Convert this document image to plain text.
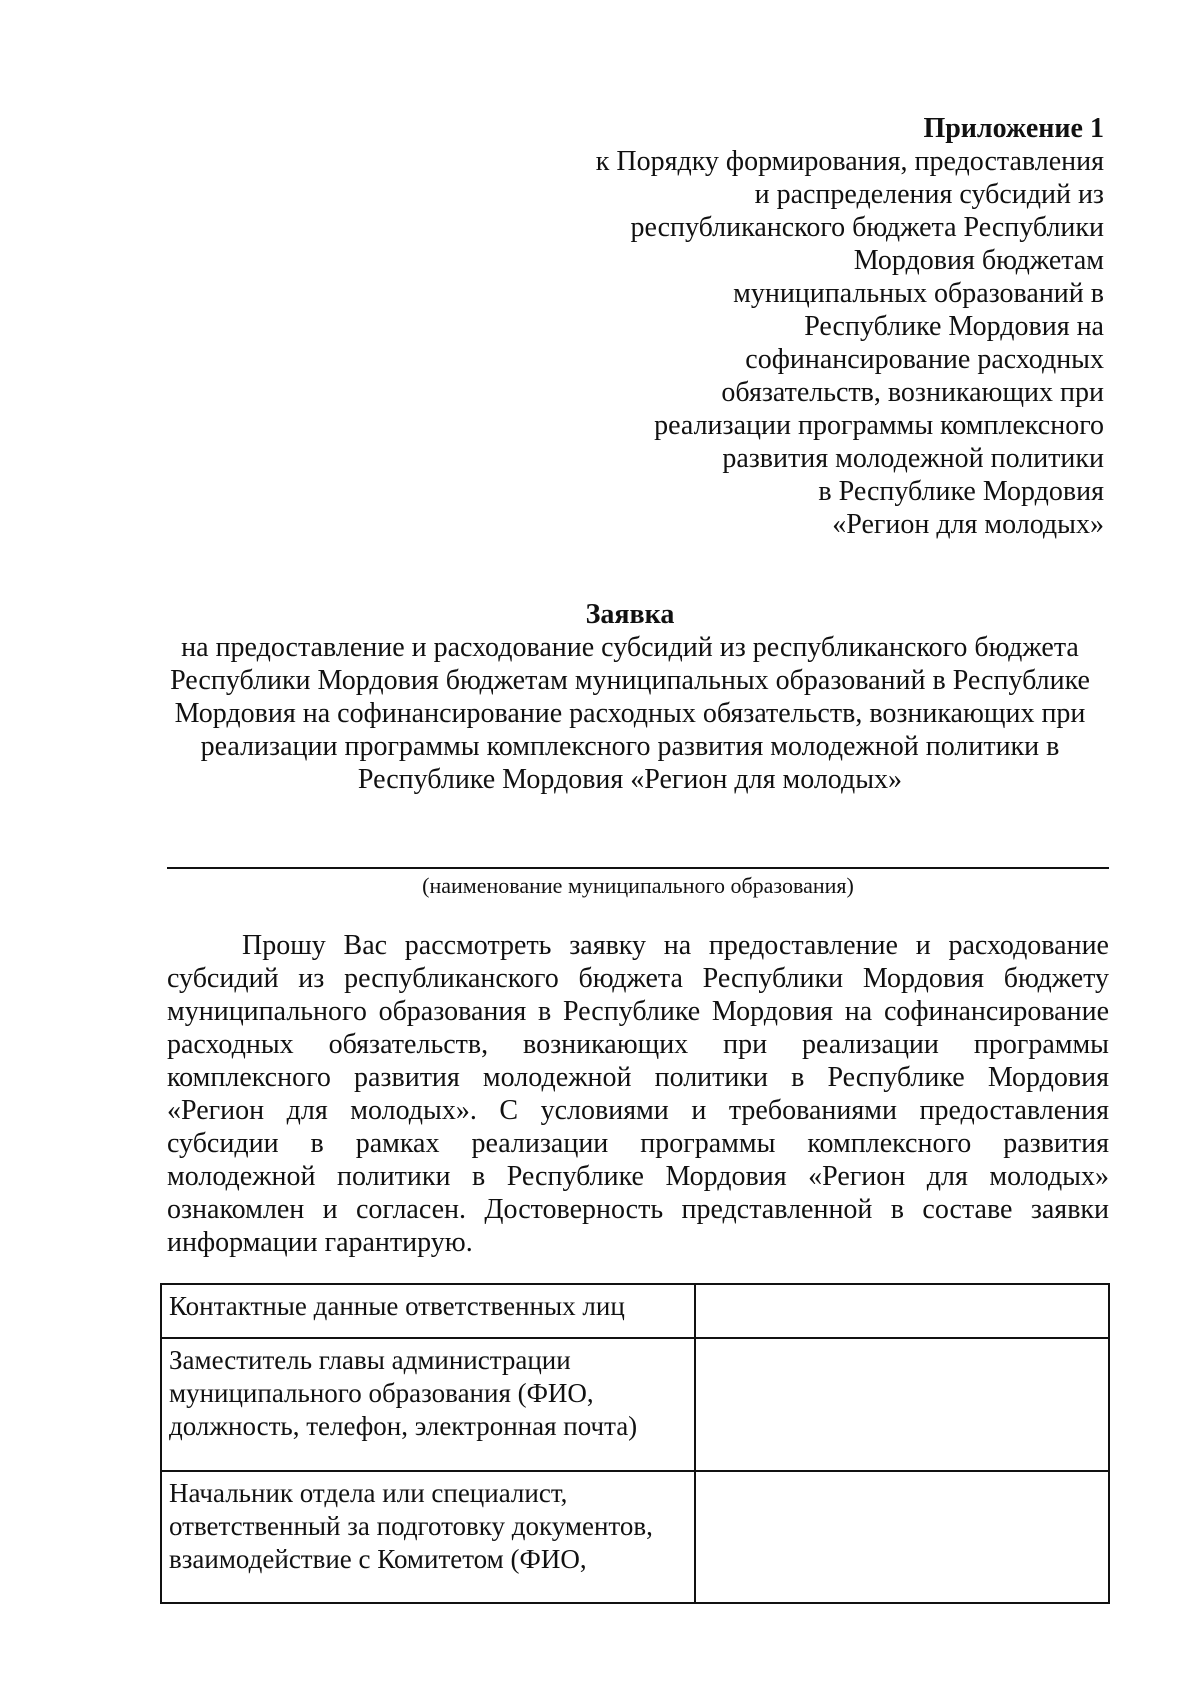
Приложение 1
к Порядку формирования, предоставления
и распределения субсидий из
республиканского бюджета Республики
Мордовия бюджетам
муниципальных образований в
Республике Мордовия на
софинансирование расходных
обязательств, возникающих при
реализации программы комплексного
развития молодежной политики
в Республике Мордовия
«Регион для молодых»
Заявка
на предоставление и расходование субсидий из республиканского бюджета
Республики Мордовия бюджетам муниципальных образований в Республике
Мордовия на софинансирование расходных обязательств, возникающих при
реализации программы комплексного развития молодежной политики в
Республике Мордовия «Регион для молодых»
(наименование муниципального образования)
Прошу Вас рассмотреть заявку на предоставление и расходование
субсидий из республиканского бюджета Республики Мордовия бюджету
муниципального образования в Республике Мордовия на софинансирование
расходных обязательств, возникающих при реализации программы
комплексного развития молодежной политики в Республике Мордовия
«Регион для молодых». С условиями и требованиями предоставления
субсидии в рамках реализации программы комплексного развития
молодежной политики в Республике Мордовия «Регион для молодых»
ознакомлен и согласен. Достоверность представленной в составе заявки
информации гарантирую.
Контактные данные ответственных лиц	

Заместитель главы администрации
муниципального образования (ФИО,
должность, телефон, электронная почта)	

Начальник отдела или специалист,
ответственный за подготовку документов,
взаимодействие с Комитетом (ФИО,	
